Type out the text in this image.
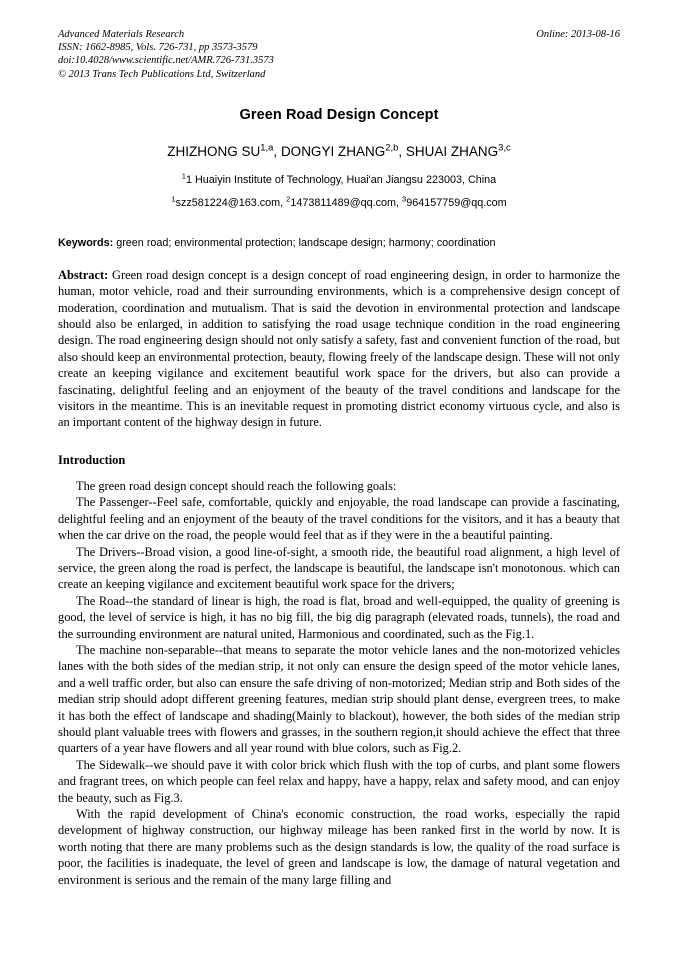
Advanced Materials Research
ISSN: 1662-8985, Vols. 726-731, pp 3573-3579
doi:10.4028/www.scientific.net/AMR.726-731.3573
© 2013 Trans Tech Publications Ltd, Switzerland
Online: 2013-08-16
Green Road Design Concept
ZHIZHONG SU$^{1,a}$, DONGYI ZHANG$^{2,b}$, SHUAI ZHANG$^{3,c}$
$^1$1 Huaiyin Institute of Technology, Huai'an Jiangsu 223003, China
$^1$szz581224@163.com, $^2$1473811489@qq.com, $^3$964157759@qq.com
Keywords: green road; environmental protection; landscape design; harmony; coordination
Abstract: Green road design concept is a design concept of road engineering design, in order to harmonize the human, motor vehicle, road and their surrounding environments, which is a comprehensive design concept of moderation, coordination and mutualism. That is said the devotion in environmental protection and landscape should also be enlarged, in addition to satisfying the road usage technique condition in the road engineering design. The road engineering design should not only satisfy a safety, fast and convenient function of the road, but also should keep an environmental protection, beauty, flowing freely of the landscape design. These will not only create an keeping vigilance and excitement beautiful work space for the drivers, but also can provide a fascinating, delightful feeling and an enjoyment of the beauty of the travel conditions and landscape for the visitors in the meantime. This is an inevitable request in promoting district economy virtuous cycle, and also is an important content of the highway design in future.
Introduction

The green road design concept should reach the following goals:

The Passenger--Feel safe, comfortable, quickly and enjoyable, the road landscape can provide a fascinating, delightful feeling and an enjoyment of the beauty of the travel conditions for the visitors, and it has a beauty that when the car drive on the road, the people would feel that as if they were in the a beautiful painting.

The Drivers--Broad vision, a good line-of-sight, a smooth ride, the beautiful road alignment, a high level of service, the green along the road is perfect, the landscape is beautiful, the landscape isn't monotonous. which can create an keeping vigilance and excitement beautiful work space for the drivers;

The Road--the standard of linear is high, the road is flat, broad and well-equipped, the quality of greening is good, the level of service is high, it has no big fill, the big dig paragraph (elevated roads, tunnels), the road and the surrounding environment are natural united, Harmonious and coordinated, such as the Fig.1.

The machine non-separable--that means to separate the motor vehicle lanes and the non-motorized vehicles lanes with the both sides of the median strip, it not only can ensure the design speed of the motor vehicle lanes, and a well traffic order, but also can ensure the safe driving of non-motorized; Median strip and Both sides of the median strip should adopt different greening features, median strip should plant dense, evergreen trees, to make it has both the effect of landscape and shading(Mainly to blackout), however, the both sides of the median strip should plant valuable trees with flowers and grasses, in the southern region,it should achieve the effect that three quarters of a year have flowers and all year round with blue colors, such as Fig.2.

The Sidewalk--we should pave it with color brick which flush with the top of curbs, and plant some flowers and fragrant trees, on which people can feel relax and happy, have a happy, relax and safety mood, and can enjoy the beauty, such as Fig.3.

With the rapid development of China's economic construction, the road works, especially the rapid development of highway construction, our highway mileage has been ranked first in the world by now. It is worth noting that there are many problems such as the design standards is low, the quality of the road surface is poor, the facilities is inadequate, the level of green and landscape is low, the damage of natural vegetation and environment is serious and the remain of the many large filling and
